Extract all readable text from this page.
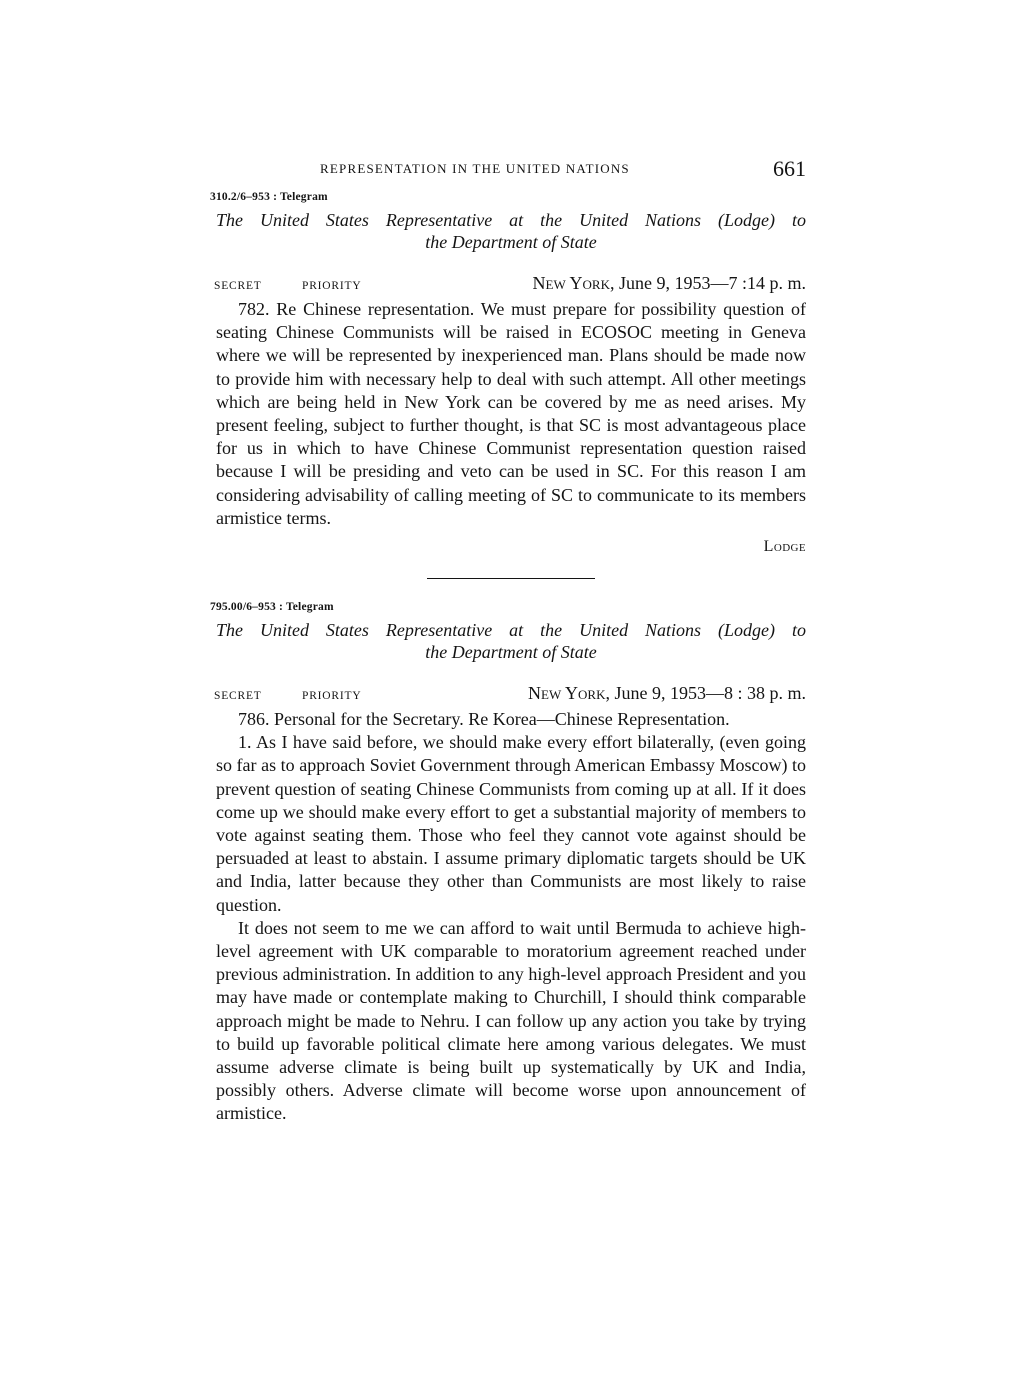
REPRESENTATION IN THE UNITED NATIONS	661
310.2/6–953 : Telegram
The United States Representative at the United Nations (Lodge) to
the Department of State
SECRET	PRIORITY	New York, June 9, 1953—7 :14 p. m.

782. Re Chinese representation. We must prepare for possibility question of seating Chinese Communists will be raised in ECOSOC meeting in Geneva where we will be represented by inexperienced man. Plans should be made now to provide him with necessary help to deal with such attempt. All other meetings which are being held in New York can be covered by me as need arises. My present feeling, subject to further thought, is that SC is most advantageous place for us in which to have Chinese Communist representation question raised because I will be presiding and veto can be used in SC. For this reason I am considering advisability of calling meeting of SC to communicate to its members armistice terms.

Lodge
795.00/6–953 : Telegram
The United States Representative at the United Nations (Lodge) to
the Department of State
SECRET	PRIORITY	New York, June 9, 1953—8 : 38 p. m.

786. Personal for the Secretary. Re Korea—Chinese Representation.

1. As I have said before, we should make every effort bilaterally, (even going so far as to approach Soviet Government through American Embassy Moscow) to prevent question of seating Chinese Communists from coming up at all. If it does come up we should make every effort to get a substantial majority of members to vote against seating them. Those who feel they cannot vote against should be persuaded at least to abstain. I assume primary diplomatic targets should be UK and India, latter because they other than Communists are most likely to raise question.

It does not seem to me we can afford to wait until Bermuda to achieve high-level agreement with UK comparable to moratorium agreement reached under previous administration. In addition to any high-level approach President and you may have made or contemplate making to Churchill, I should think comparable approach might be made to Nehru. I can follow up any action you take by trying to build up favorable political climate here among various delegates. We must assume adverse climate is being built up systematically by UK and India, possibly others. Adverse climate will become worse upon announcement of armistice.
